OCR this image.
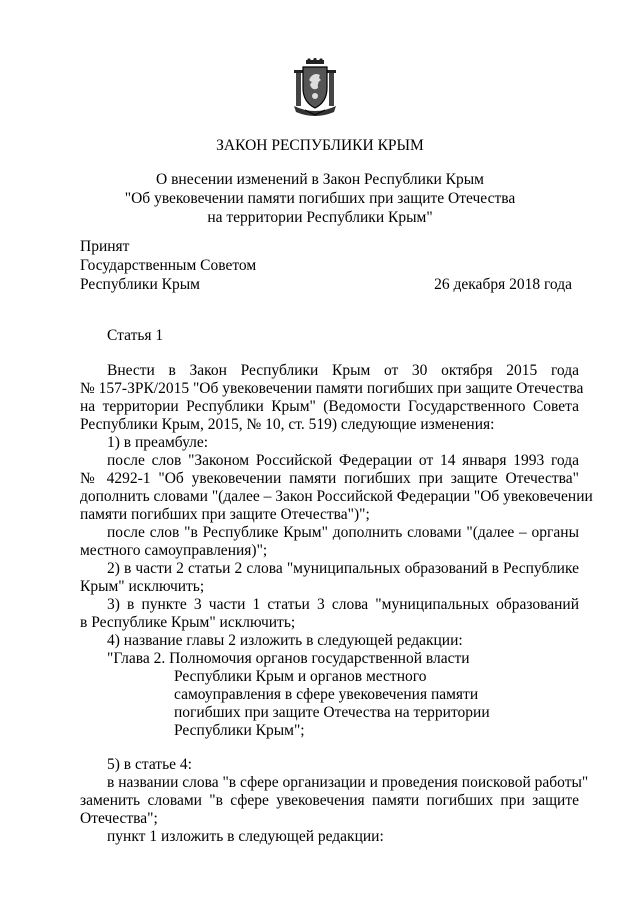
ЗАКОН РЕСПУБЛИКИ КРЫМ
О внесении изменений в Закон Республики Крым
"Об увековечении памяти погибших при защите Отечества
на территории Республики Крым"
Принят
Государственным Советом
Республики Крым	26 декабря 2018 года
Статья 1
Внести в Закон Республики Крым от 30 октября 2015 года
№ 157-ЗРК/2015 "Об увековечении памяти погибших при защите Отечества
на территории Республики Крым" (Ведомости Государственного Совета
Республики Крым, 2015, № 10, ст. 519) следующие изменения:
1) в преамбуле:
после слов "Законом Российской Федерации от 14 января 1993 года
№ 4292-1 "Об увековечении памяти погибших при защите Отечества"
дополнить словами "(далее – Закон Российской Федерации "Об увековечении
памяти погибших при защите Отечества")";
после слов "в Республике Крым" дополнить словами "(далее – органы
местного самоуправления)";
2) в части 2 статьи 2 слова "муниципальных образований в Республике
Крым" исключить;
3) в пункте 3 части 1 статьи 3 слова "муниципальных образований
в Республике Крым" исключить;
4) название главы 2 изложить в следующей редакции:
"Глава 2. Полномочия органов государственной власти
Республики Крым и органов местного
самоуправления в сфере увековечения памяти
погибших при защите Отечества на территории
Республики Крым";
5) в статье 4:
в названии слова "в сфере организации и проведения поисковой работы"
заменить словами "в сфере увековечения памяти погибших при защите
Отечества";
пункт 1 изложить в следующей редакции:
